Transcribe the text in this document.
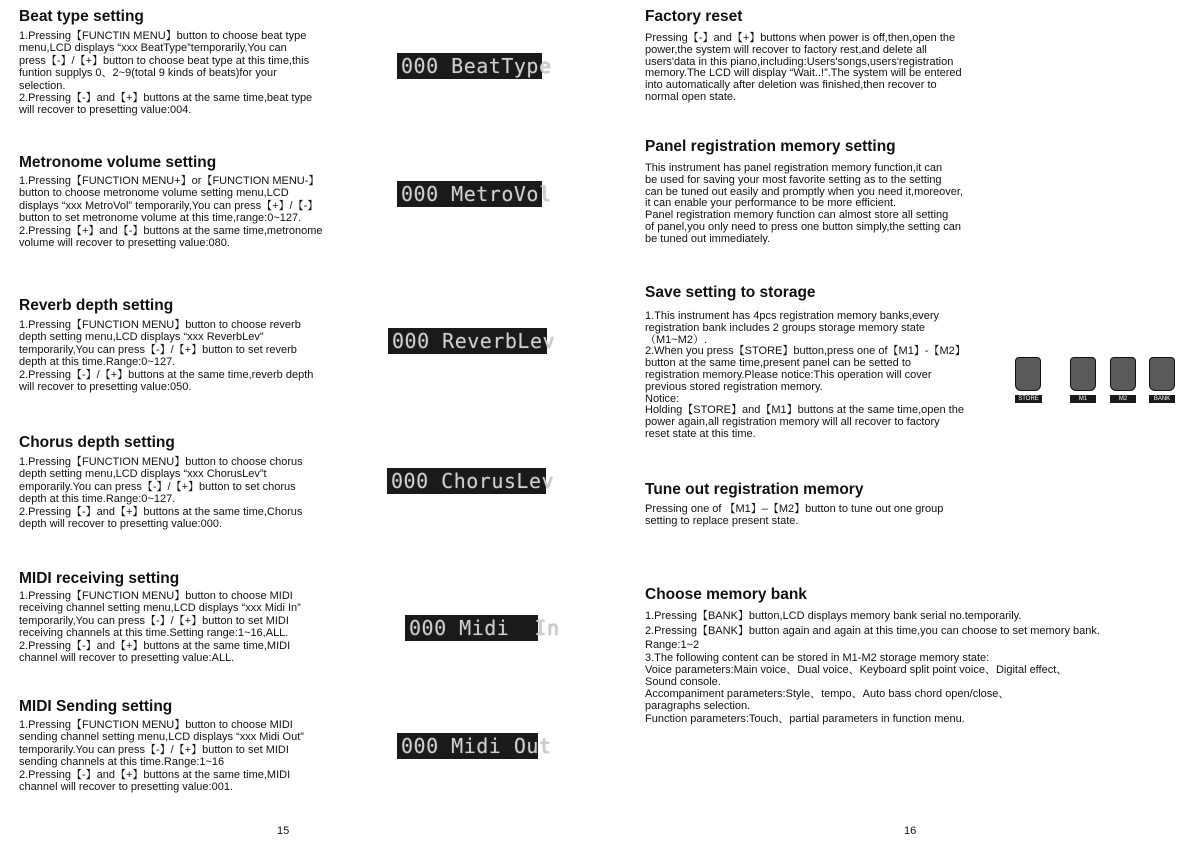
Beat type setting

1.Pressing【FUNCTIN MENU】button to choose beat type

menu,LCD displays “xxx BeatType”temporarily,You can

press【-】/【+】button to choose beat type at this time,this

funtion supplys 0、2~9(total 9 kinds of beats)for your

selection.

2.Pressing【-】and【+】buttons at the same time,beat type

will recover to presetting value:004.

000 BeatType
Metronome volume setting

1.Pressing【FUNCTION MENU+】or【FUNCTION MENU-】

button to choose metronome volume setting menu,LCD

displays “xxx MetroVol” temporarily,You can press【+】/【-】

button to set metronome volume at this time,range:0~127.

2.Pressing【+】and【-】buttons at the same time,metronome

volume will recover to presetting value:080.

000 MetroVol
Reverb depth setting

1.Pressing【FUNCTION MENU】button to choose reverb

depth setting menu,LCD displays “xxx ReverbLev”

temporarily,You can press【-】/【+】button to set reverb

depth at this time.Range:0~127.

2.Pressing【-】/【+】buttons at the same time,reverb depth

will recover to presetting value:050.

000 ReverbLev
Chorus depth setting

1.Pressing【FUNCTION MENU】button to choose chorus

depth setting menu,LCD displays “xxx ChorusLev”t

emporarily.You can press【-】/【+】button to set chorus

depth at this time.Range:0~127.

2.Pressing【-】and【+】buttons at the same time,Chorus

depth will recover to presetting value:000.

000 ChorusLev
MIDI receiving setting

1.Pressing【FUNCTION MENU】button to choose MIDI

receiving channel setting menu,LCD displays “xxx Midi In”

temporarily,You can press【-】/【+】button to set MIDI

receiving channels at this time.Setting range:1~16,ALL.

2.Pressing【-】and【+】buttons at the same time,MIDI

channel will recover to presetting value:ALL.

000 Midi  In
MIDI Sending setting

1.Pressing【FUNCTION MENU】button to choose MIDI

sending channel setting menu,LCD displays “xxx Midi Out”

temporarily.You can press【-】/【+】button to set MIDI

sending channels at this time.Range:1~16

2.Pressing【-】and【+】buttons at the same time,MIDI

channel will recover to presetting value:001.

000 Midi Out
15
Factory reset

Pressing【-】and【+】buttons when power is off,then,open the

power,the system will recover to factory rest,and delete all

users'data in this piano,including:Users'songs,users'registration

memory.The LCD will display “Wait..!”.The system will be entered

into automatically after deletion was finished,then recover to

normal open state.

Panel registration memory setting

This instrument has panel registration memory function,it can

be used for saving your most favorite setting as to the setting

can be tuned out easily and promptly when you need it,moreover,

it can enable your performance to be more efficient.

Panel registration memory function can almost store all setting

of panel,you only need to press one button simply,the setting can

be tuned out immediately.

Save setting to storage

1.This instrument has 4pcs registration memory banks,every

registration bank includes 2 groups storage memory state

（M1~M2）.

2.When you press【STORE】button,press one of【M1】-【M2】

button at the same time,present panel can be setted to

registration memory.Please notice:This operation will cover

previous stored registration memory.

Notice:

Holding【STORE】and【M1】buttons at the same time,open the

power again,all registration memory will all recover to factory

reset state at this time.

STORE	M1	M2	BANK
Tune out registration memory

Pressing one of 【M1】–【M2】button to tune out one group

setting to replace present state.

Choose memory bank

1.Pressing【BANK】button,LCD displays memory bank serial no.temporarily.

2.Pressing【BANK】button again and again at this time,you can choose to set memory bank.

Range:1~2

3.The following content can be stored in M1-M2 storage memory state:

Voice parameters:Main voice、Dual voice、Keyboard split point voice、Digital effect、

Sound console.

Accompaniment parameters:Style、tempo、Auto bass chord open/close、

paragraphs selection.

Function parameters:Touch、partial parameters in function menu.

16
